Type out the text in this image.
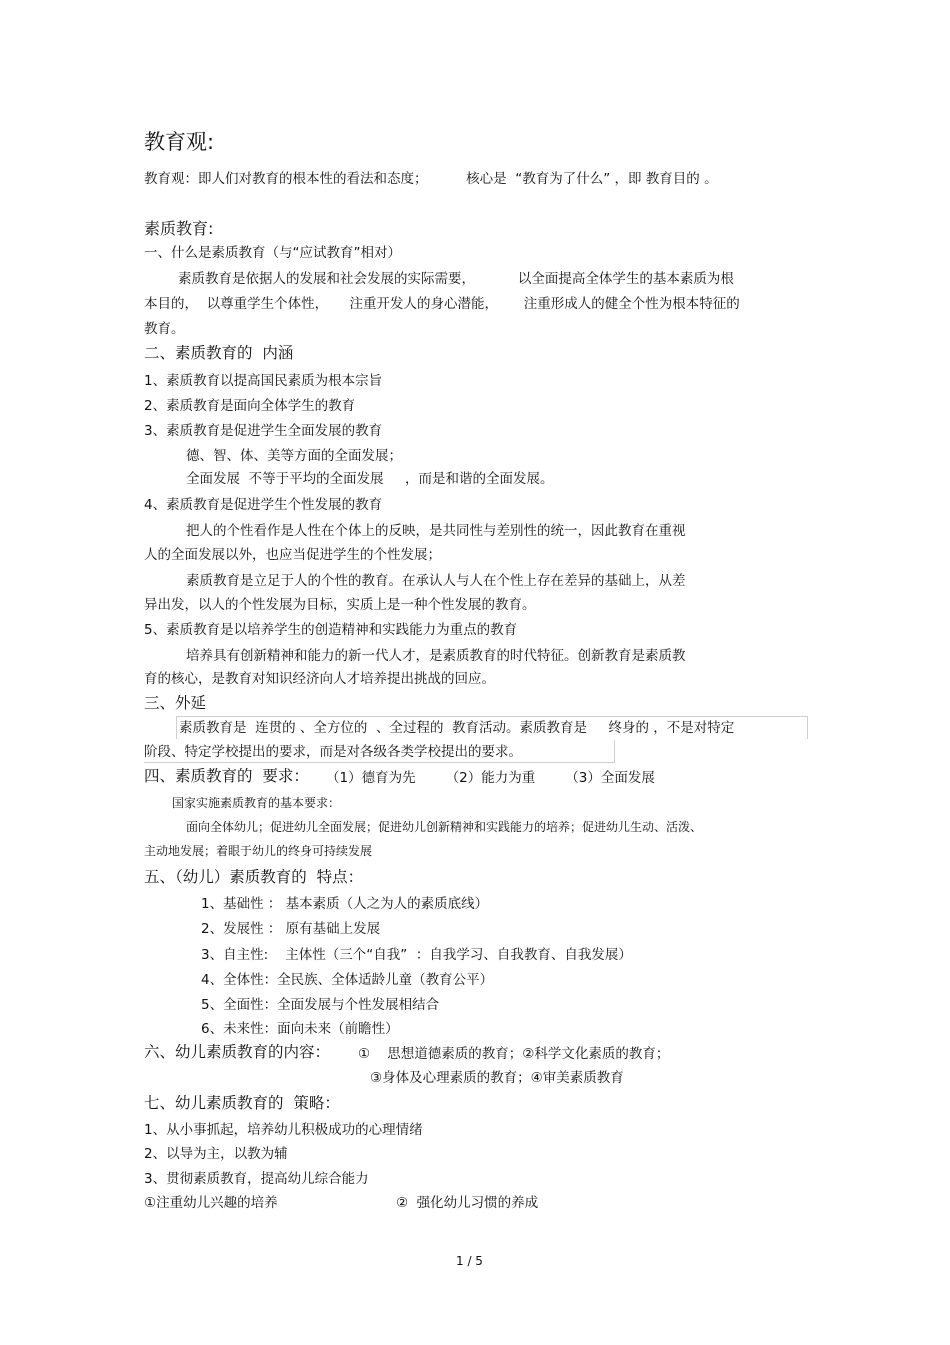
教育观:
教育观：即人们对教育的根本性的看法和态度；         核心是  “教育为了什么” ，即 教育目的 。
素质教育:
一、什么是素质教育（与“应试教育”相对）
素质教育是依据人的发展和社会发展的实际需要，          以全面提高全体学生的基本素质为根
本目的，  以尊重学生个体性，     注重开发人的身心潜能，      注重形成人的健全个性为根本特征的
教育。
二、素质教育的  内涵
1、素质教育以提高国民素质为根本宗旨
2、素质教育是面向全体学生的教育
3、素质教育是促进学生全面发展的教育
德、智、体、美等方面的全面发展；
全面发展  不等于平均的全面发展     ，而是和谐的全面发展。
4、素质教育是促进学生个性发展的教育
把人的个性看作是人性在个体上的反映，是共同性与差别性的统一，因此教育在重视
人的全面发展以外，也应当促进学生的个性发展；
素质教育是立足于人的个性的教育。在承认人与人在个性上存在差异的基础上，从差
异出发，以人的个性发展为目标，实质上是一种个性发展的教育。
5、素质教育是以培养学生的创造精神和实践能力为重点的教育
培养具有创新精神和能力的新一代人才，是素质教育的时代特征。创新教育是素质教
育的核心，是教育对知识经济向人才培养提出挑战的回应。
三、外延
素质教育是  连贯的 、全方位的  、全过程的  教育活动。素质教育是     终身的 ，不是对特定
阶段、特定学校提出的要求，而是对各级各类学校提出的要求。
四、素质教育的  要求： （1）德育为先       （2）能力为重       （3）全面发展
国家实施素质教育的基本要求：
面向全体幼儿；促进幼儿全面发展；促进幼儿创新精神和实践能力的培养；促进幼儿生动、活泼、
主动地发展；着眼于幼儿的终身可持续发展
五、（幼儿）素质教育的  特点：
1、基础性 ： 基本素质（人之为人的素质底线）
2、发展性 ： 原有基础上发展
3、自主性:    主体性（三个“自我”  ：自我学习、自我教育、自我发展）
4、全体性：全民族、全体适龄儿童（教育公平）
5、全面性：全面发展与个性发展相结合
6、未来性：面向未来（前瞻性）
六、幼儿素质教育的内容： ①    思想道德素质的教育；②科学文化素质的教育；
③身体及心理素质的教育；④审美素质教育
七、幼儿素质教育的  策略：
1、从小事抓起，培养幼儿积极成功的心理情绪
2、以导为主，以教为辅
3、贯彻素质教育，提高幼儿综合能力
①注重幼儿兴趣的培养	②  强化幼儿习惯的养成
1 / 5
